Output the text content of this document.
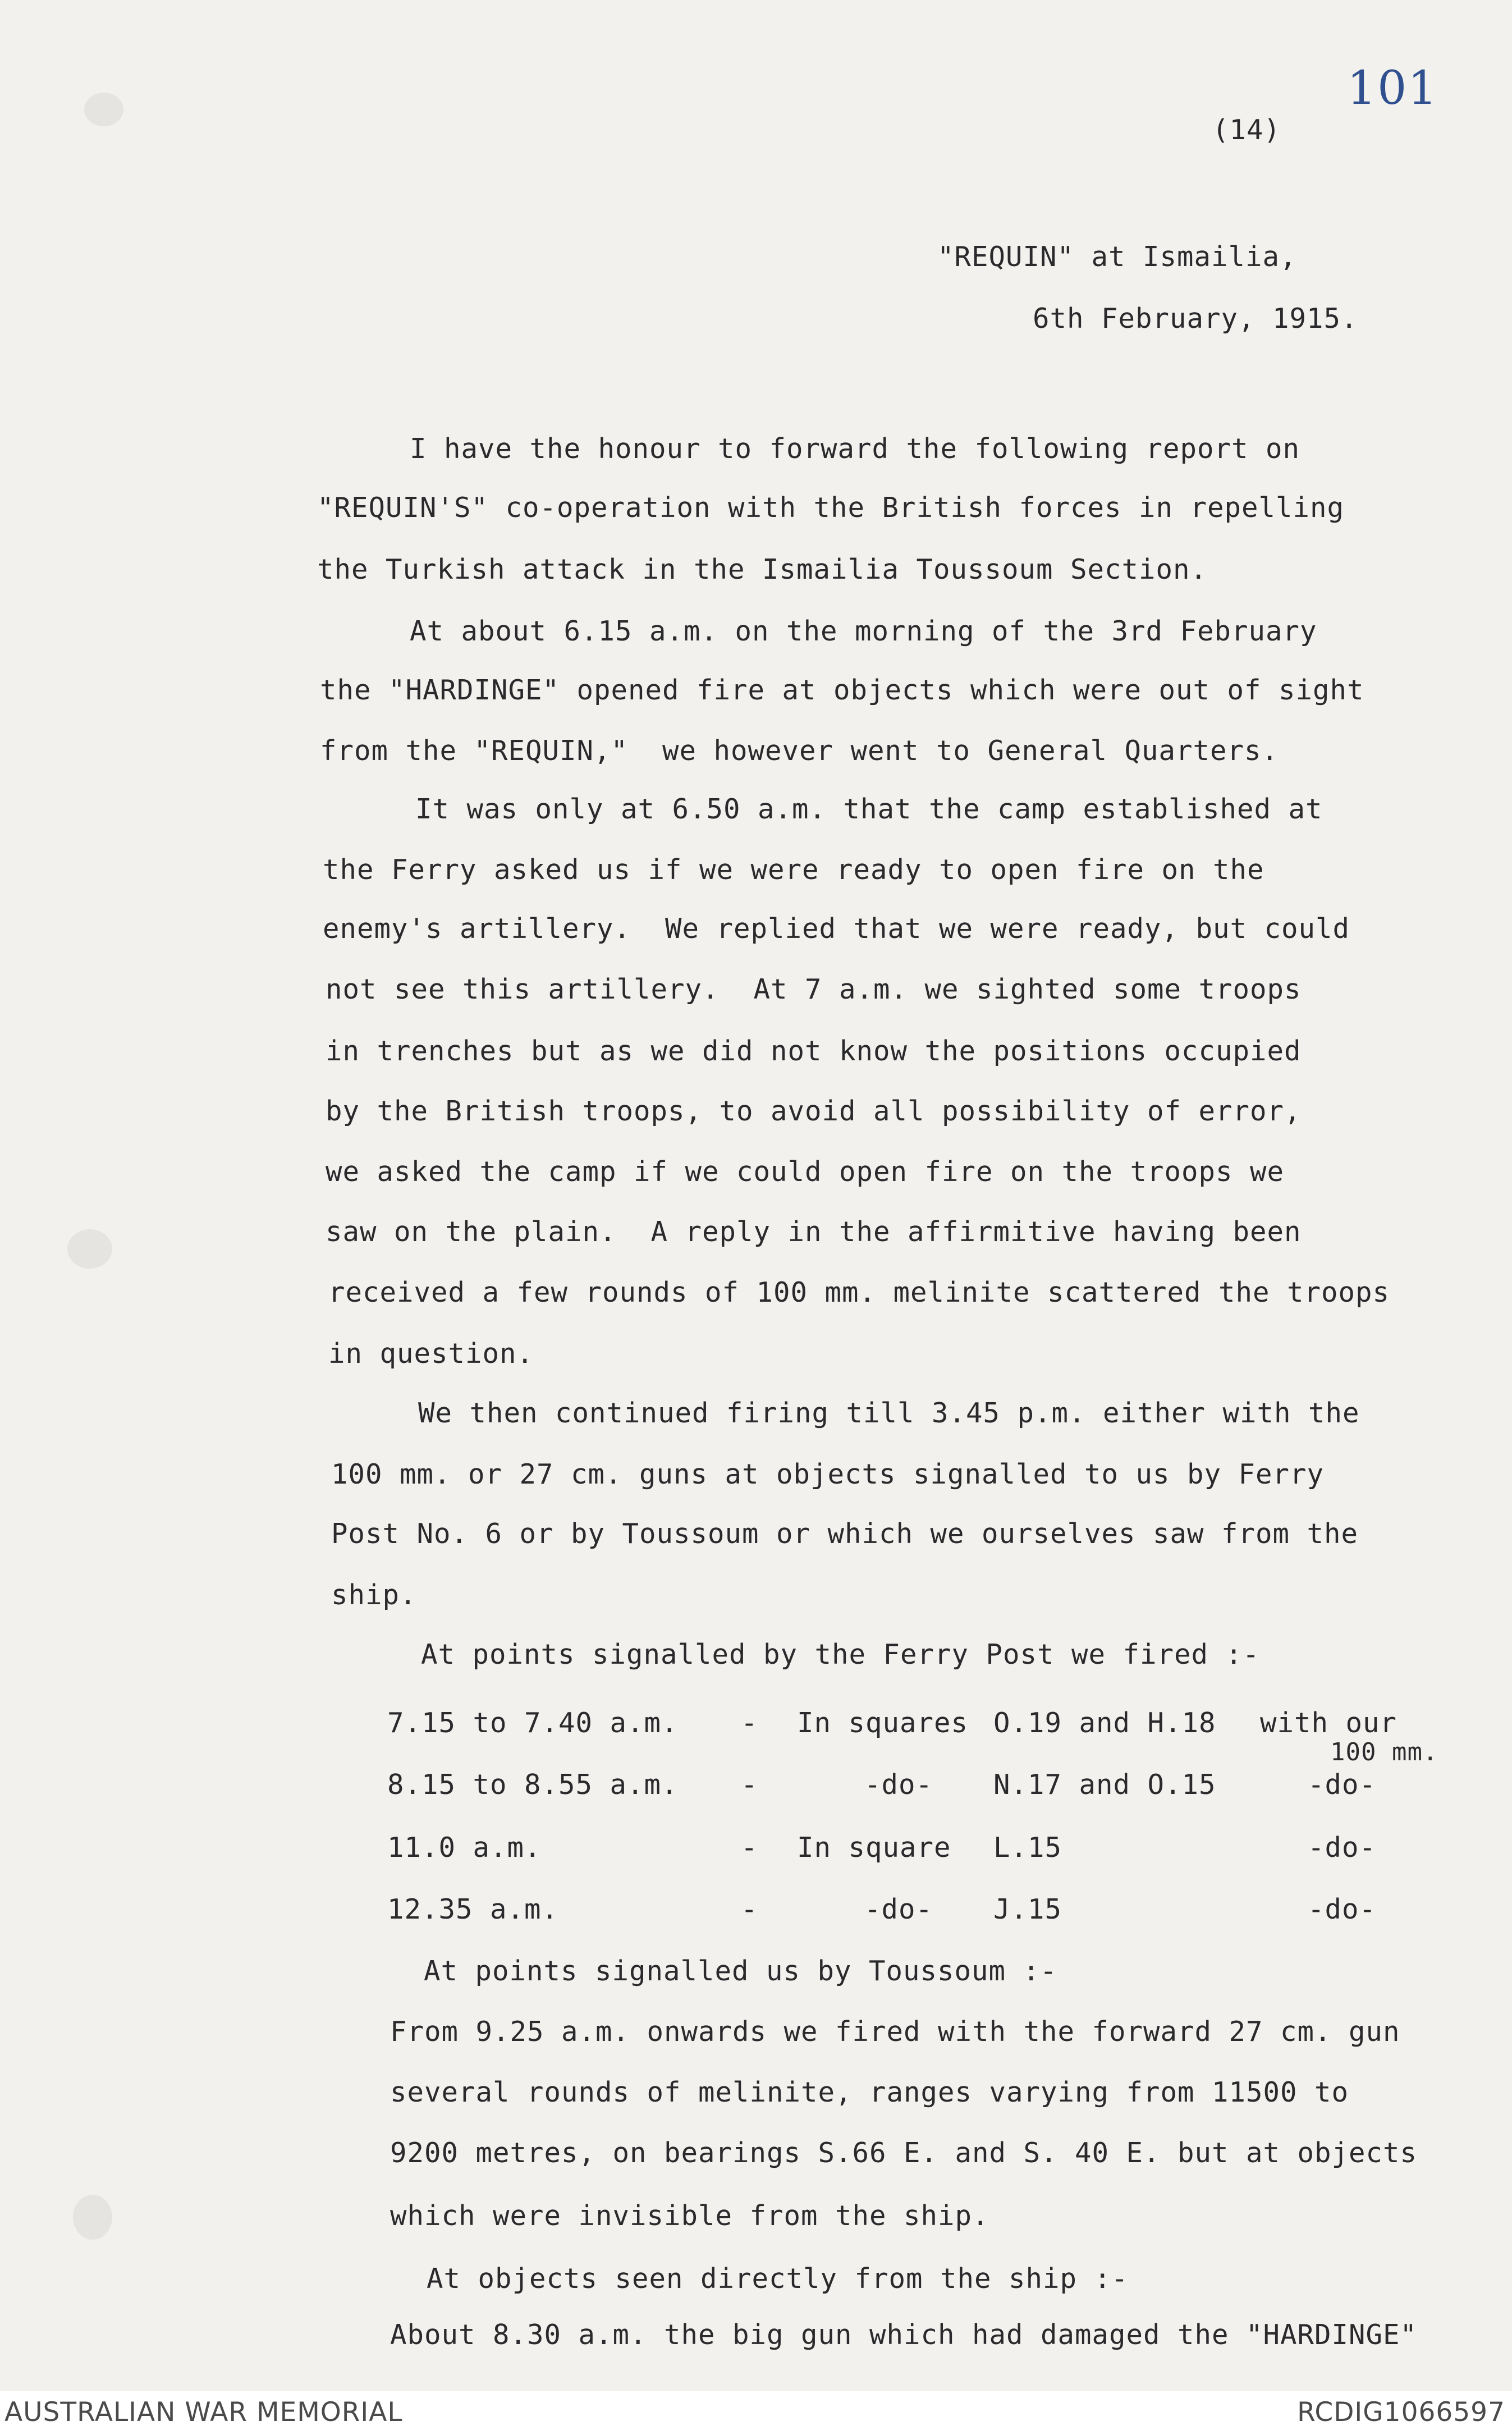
101
(14)
"REQUIN" at Ismailia,
6th February, 1915.
I have the honour to forward the following report on
"REQUIN'S" co-operation with the British forces in repelling
the Turkish attack in the Ismailia Toussoum Section.
At about 6.15 a.m. on the morning of the 3rd February
the "HARDINGE" opened fire at objects which were out of sight
from the "REQUIN,"  we however went to General Quarters.
It was only at 6.50 a.m. that the camp established at
the Ferry asked us if we were ready to open fire on the
enemy's artillery.  We replied that we were ready, but could
not see this artillery.  At 7 a.m. we sighted some troops
in trenches but as we did not know the positions occupied
by the British troops, to avoid all possibility of error,
we asked the camp if we could open fire on the troops we
saw on the plain.  A reply in the affirmitive having been
received a few rounds of 100 mm. melinite scattered the troops
in question.
We then continued firing till 3.45 p.m. either with the
100 mm. or 27 cm. guns at objects signalled to us by Ferry
Post No. 6 or by Toussoum or which we ourselves saw from the
ship.
At points signalled by the Ferry Post we fired :-
7.15 to 7.40 a.m. - In squares O.19 and H.18 with our
100 mm.
8.15 to 8.55 a.m. -	-do- N.17 and O.15	-do-
11.0 a.m.	- In square L.15	-do-
12.35 a.m.	-	-do- J.15	-do-
At points signalled us by Toussoum :-
From 9.25 a.m. onwards we fired with the forward 27 cm. gun
several rounds of melinite, ranges varying from 11500 to
9200 metres, on bearings S.66 E. and S. 40 E. but at objects
which were invisible from the ship.
At objects seen directly from the ship :-
About 8.30 a.m. the big gun which had damaged the "HARDINGE"
AUSTRALIAN WAR MEMORIAL	RCDIG1066597
